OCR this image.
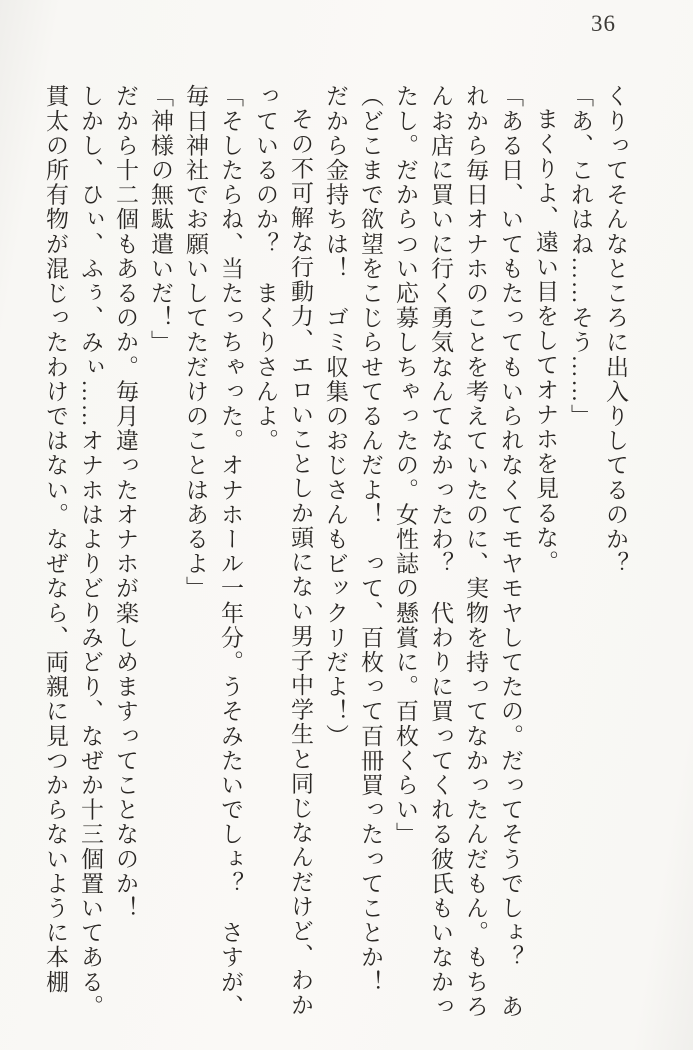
36

くりってそんなところに出入りしてるのか？

「あ、これはね……そう……」

まくりよ、遠い目をしてオナホを見るな。

「ある日、いてもたってもいられなくてモヤモヤしてたの。だってそうでしょ？　あれから毎日オナホのことを考えていたのに、実物を持ってなかったんだもん。もちろんお店に買いに行く勇気なんてなかったわ？　代わりに買ってくれる彼氏もいなかったし。だからつい応募しちゃったの。女性誌の懸賞に。百枚くらい」

（どこまで欲望をこじらせてるんだよ！　って、百枚って百冊買ったってことか！　だから金持ちは！　ゴミ収集のおじさんもビックリだよ！）

その不可解な行動力、エロいことしか頭にない男子中学生と同じなんだけど、わかっているのか？　まくりさんよ。

「そしたらね、当たっちゃった。オナホール一年分。うそみたいでしょ？　さすが、毎日神社でお願いしてただけのことはあるよ」

「神様の無駄遣いだ！」

だから十二個もあるのか。毎月違ったオナホが楽しめますってことなのか！

しかし、ひぃ、ふぅ、みぃ……オナホはよりどりみどり、なぜか十三個置いてある。

貫太の所有物が混じったわけではない。なぜなら、両親に見つからないように本棚
